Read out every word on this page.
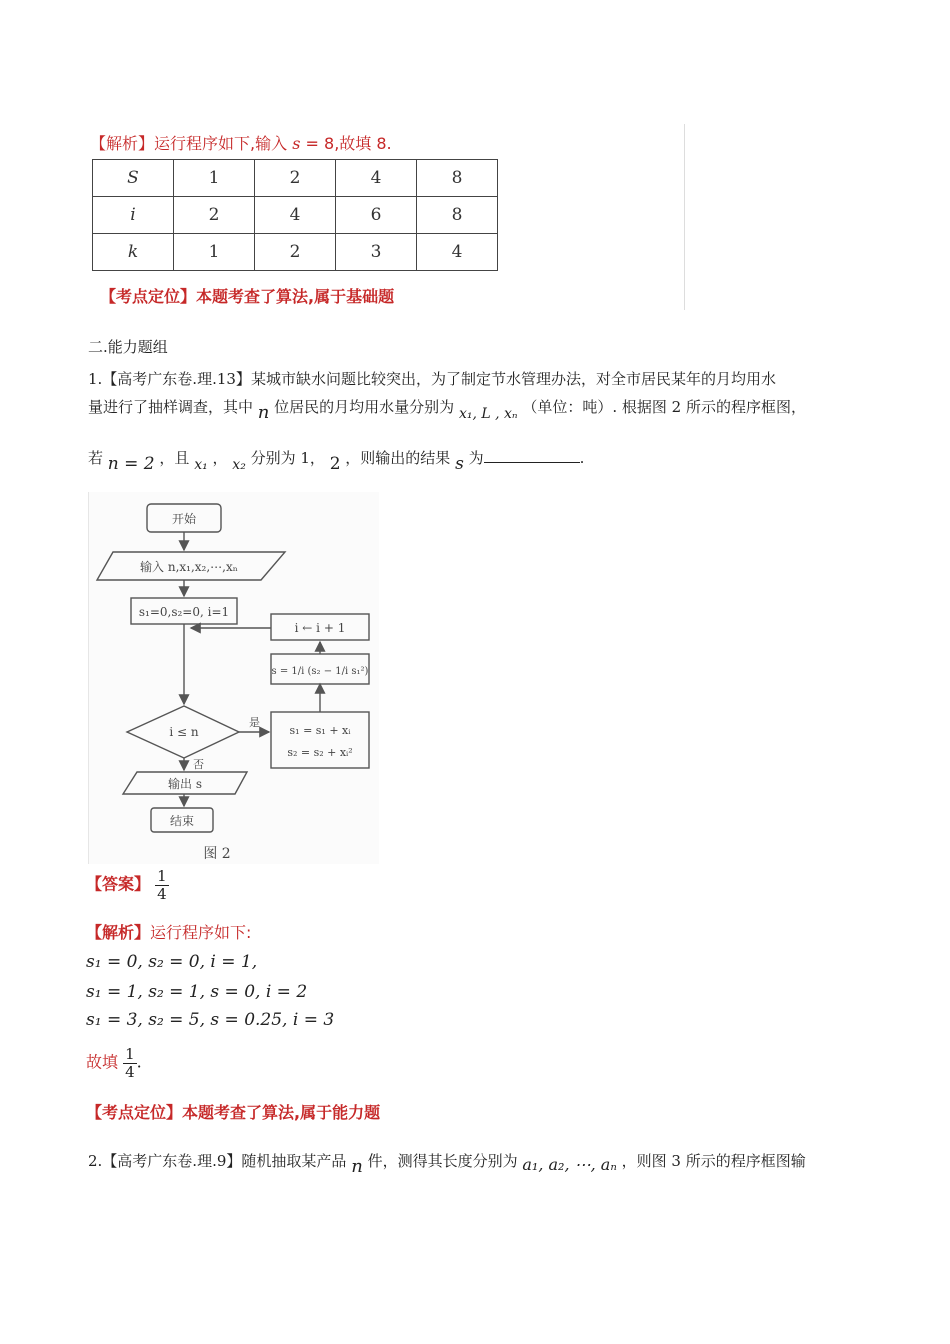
【解析】运行程序如下,输入 s = 8,故填 8.
S	1	2	4	8
i	2	4	6	8
k	1	2	3	4
【考点定位】本题考查了算法,属于基础题
二.能力题组
1.【高考广东卷.理.13】某城市缺水问题比较突出，为了制定节水管理办法，对全市居民某年的月均用水
量进行了抽样调查，其中 n 位居民的月均用水量分别为 x₁, L , xₙ （单位：吨）. 根据图 2 所示的程序框图，
若 n = 2 ，且 x₁ ， x₂ 分别为 1， 2 ，则输出的结果 s 为	.
开始
输入 n,x₁,x₂,⋯,xₙ
s₁=0,s₂=0, i=1
i ← i + 1
s = 1/i (s₂ − 1/i s₁²)
i ≤ n
是
否
s₁ = s₁ + xᵢ
s₂ = s₂ + xᵢ²
输出 s
结束
图 2
【答案】 $\frac{1}{4}$
【解析】运行程序如下:
s₁ = 0, s₂ = 0, i = 1,
s₁ = 1, s₂ = 1, s = 0, i = 2
s₁ = 3, s₂ = 5, s = 0.25, i = 3
故填 $\frac{1}{4}$ .
【考点定位】本题考查了算法,属于能力题
2.【高考广东卷.理.9】随机抽取某产品 n 件，测得其长度分别为 a₁, a₂, ⋯, aₙ ，则图 3 所示的程序框图输
